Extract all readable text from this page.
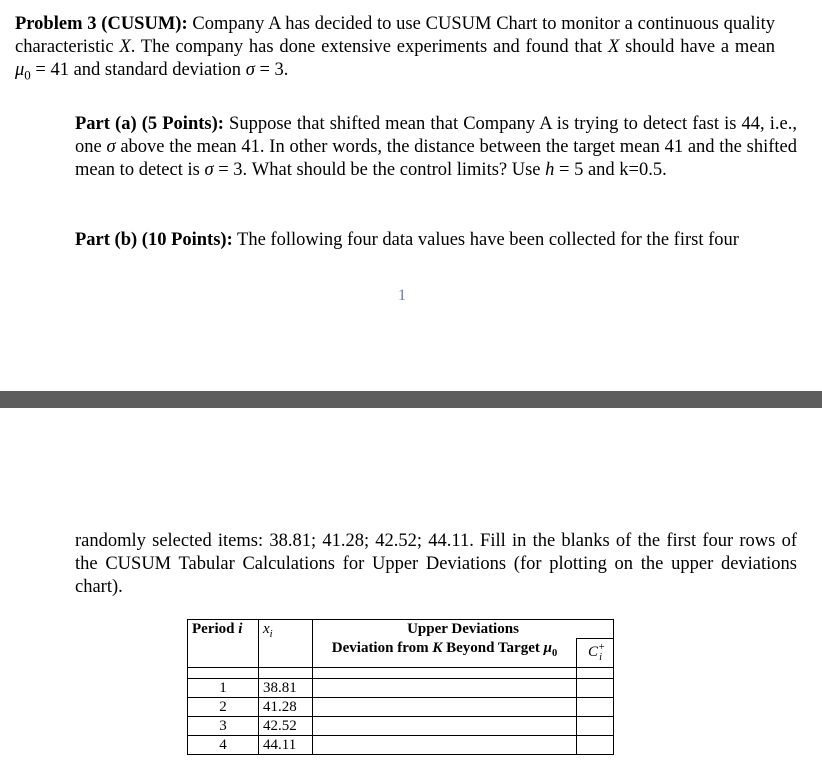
Problem 3 (CUSUM): Company A has decided to use CUSUM Chart to monitor a continuous quality characteristic X. The company has done extensive experiments and found that X should have a mean $\mu_0 = 41$ and standard deviation σ = 3.

Part (a) (5 Points): Suppose that shifted mean that Company A is trying to detect fast is 44, i.e., one σ above the mean 41. In other words, the distance between the target mean 41 and the shifted mean to detect is σ = 3. What should be the control limits? Use h = 5 and k=0.5.

Part (b) (10 Points): The following four data values have been collected for the first four

1

randomly selected items: 38.81; 41.28; 42.52; 44.11. Fill in the blanks of the first four rows of the CUSUM Tabular Calculations for Upper Deviations (for plotting on the upper deviations chart).

Period i	$x_i$	Upper Deviations	
		Deviation from K Beyond Target $\mu_0$	$C^+_i$

1	38.81		
2	41.28		
3	42.52		
4	44.11		
